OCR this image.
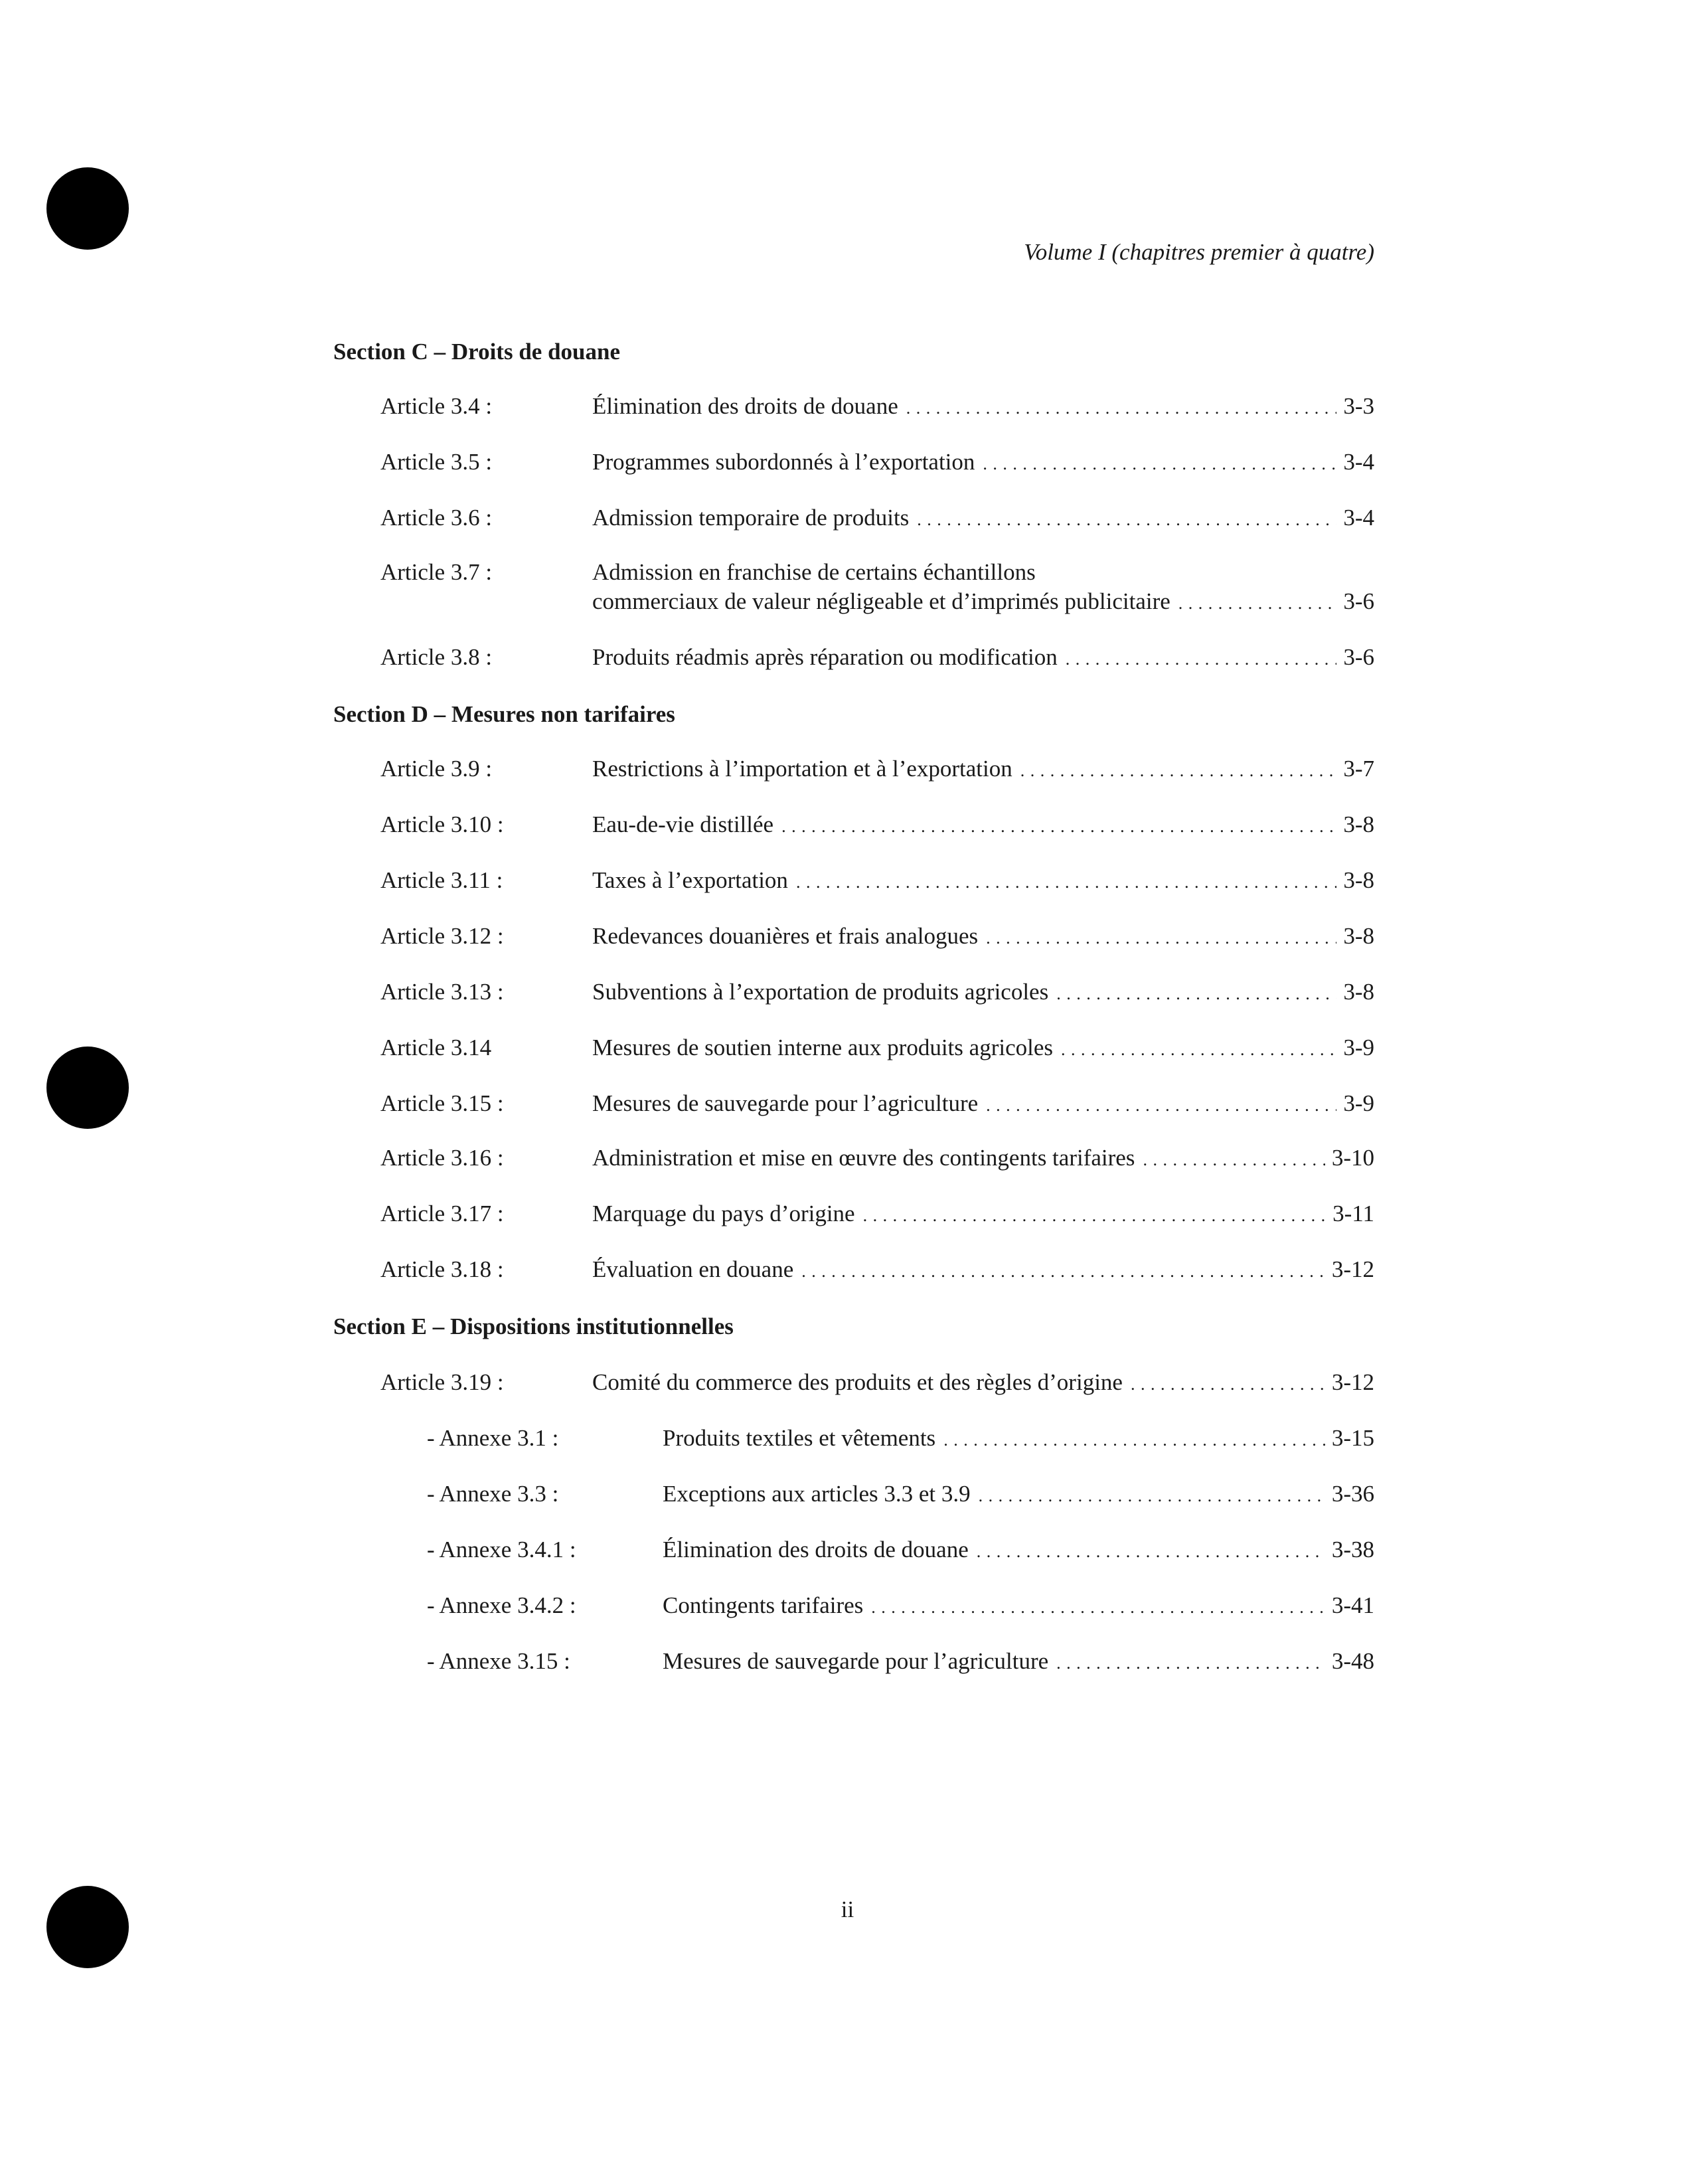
Volume I (chapitres premier à quatre)
Section C – Droits de douane
Article 3.4 :	Élimination des droits de douane . . .	3-3
Article 3.5 :	Programmes subordonnés à l’exportation . . .	3-4
Article 3.6 :	Admission temporaire de produits . . .	3-4
Article 3.7 :	Admission en franchise de certains échantillons
commerciaux de valeur négligeable et d’imprimés publicitaire . . .	3-6
Article 3.8 :	Produits réadmis après réparation ou modification . . .	3-6
Section D – Mesures non tarifaires
Article 3.9 :	Restrictions à l’importation et à l’exportation . . .	3-7
Article 3.10 :	Eau-de-vie distillée . . .	3-8
Article 3.11 :	Taxes à l’exportation . . .	3-8
Article 3.12 :	Redevances douanières et frais analogues . . .	3-8
Article 3.13 :	Subventions à l’exportation de produits agricoles . . .	3-8
Article 3.14	Mesures de soutien interne aux produits agricoles . . .	3-9
Article 3.15 :	Mesures de sauvegarde pour l’agriculture . . .	3-9
Article 3.16 :	Administration et mise en œuvre des contingents tarifaires . . .	3-10
Article 3.17 :	Marquage du pays d’origine . . .	3-11
Article 3.18 :	Évaluation en douane . . .	3-12
Section E – Dispositions institutionnelles
Article 3.19 :	Comité du commerce des produits et des règles d’origine . . .	3-12
- Annexe 3.1 :	Produits textiles et vêtements . . .	3-15
- Annexe 3.3 :	Exceptions aux articles 3.3 et 3.9 . . .	3-36
- Annexe 3.4.1 :	Élimination des droits de douane . . .	3-38
- Annexe 3.4.2 :	Contingents tarifaires . . .	3-41
- Annexe 3.15 :	Mesures de sauvegarde pour l’agriculture . . .	3-48
ii
